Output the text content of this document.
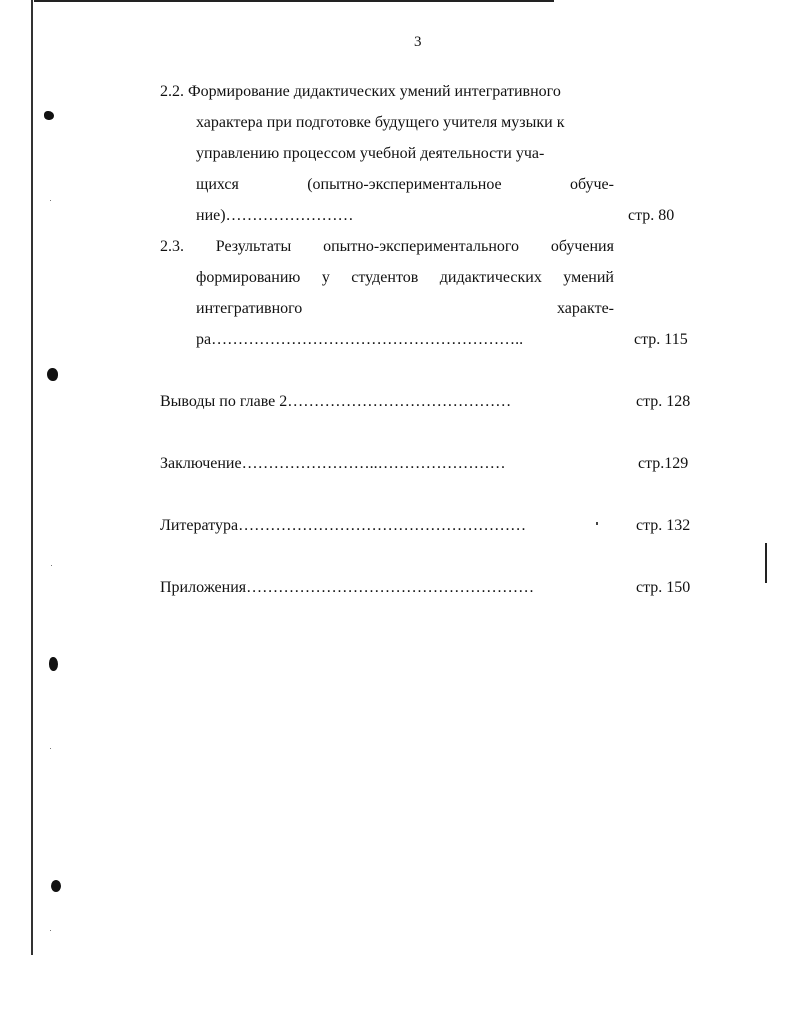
3
2.2. Формирование дидактических умений интегративного
характера при подготовке будущего учителя музыки к
управлению процессом учебной деятельности уча-
щихся	(опытно-экспериментальное	обуче-
ние)……………………	стр. 80
2.3. Результаты опытно-экспериментального обучения
формированию у студентов дидактических умений
интегративного	характе-
ра…………………………………………………..	стр. 115
Выводы по главе 2……………………………………	стр. 128
Заключение……………………..……………………	стр.129
Литература………………………………………………	стр. 132
Приложения………………………………………………	стр. 150
